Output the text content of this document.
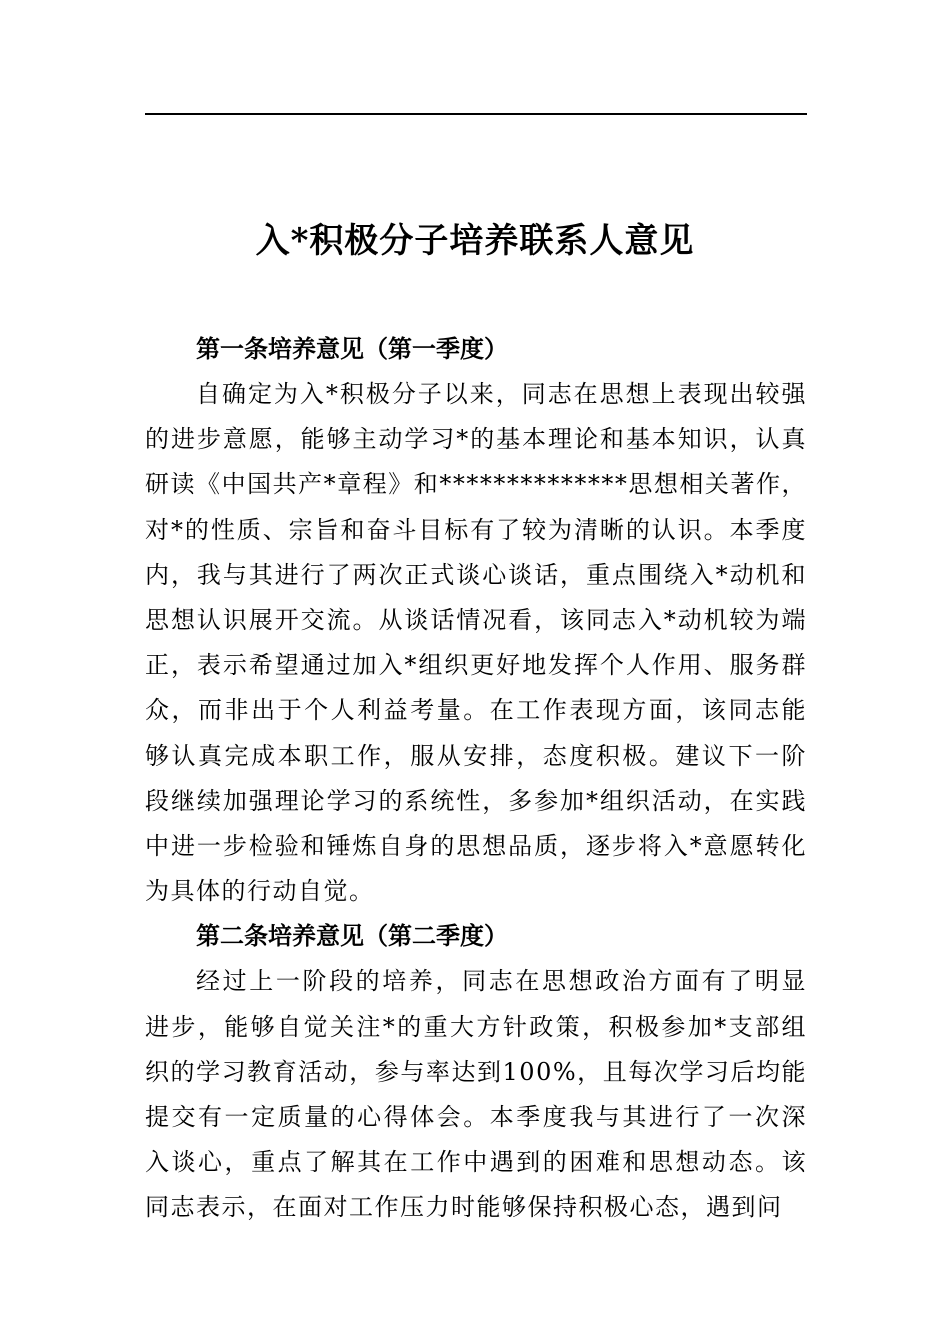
入*积极分子培养联系人意见
第一条培养意见（第一季度）

自确定为入*积极分子以来，同志在思想上表现出较强的进步意愿，能够主动学习*的基本理论和基本知识，认真研读《中国共产*章程》和**************思想相关著作，对*的性质、宗旨和奋斗目标有了较为清晰的认识。本季度内，我与其进行了两次正式谈心谈话，重点围绕入*动机和思想认识展开交流。从谈话情况看，该同志入*动机较为端正，表示希望通过加入*组织更好地发挥个人作用、服务群众，而非出于个人利益考量。在工作表现方面，该同志能够认真完成本职工作，服从安排，态度积极。建议下一阶段继续加强理论学习的系统性，多参加*组织活动，在实践中进一步检验和锤炼自身的思想品质，逐步将入*意愿转化为具体的行动自觉。

第二条培养意见（第二季度）

经过上一阶段的培养，同志在思想政治方面有了明显进步，能够自觉关注*的重大方针政策，积极参加*支部组织的学习教育活动，参与率达到100%，且每次学习后均能提交有一定质量的心得体会。本季度我与其进行了一次深入谈心，重点了解其在工作中遇到的困难和思想动态。该同志表示，在面对工作压力时能够保持积极心态，遇到问
